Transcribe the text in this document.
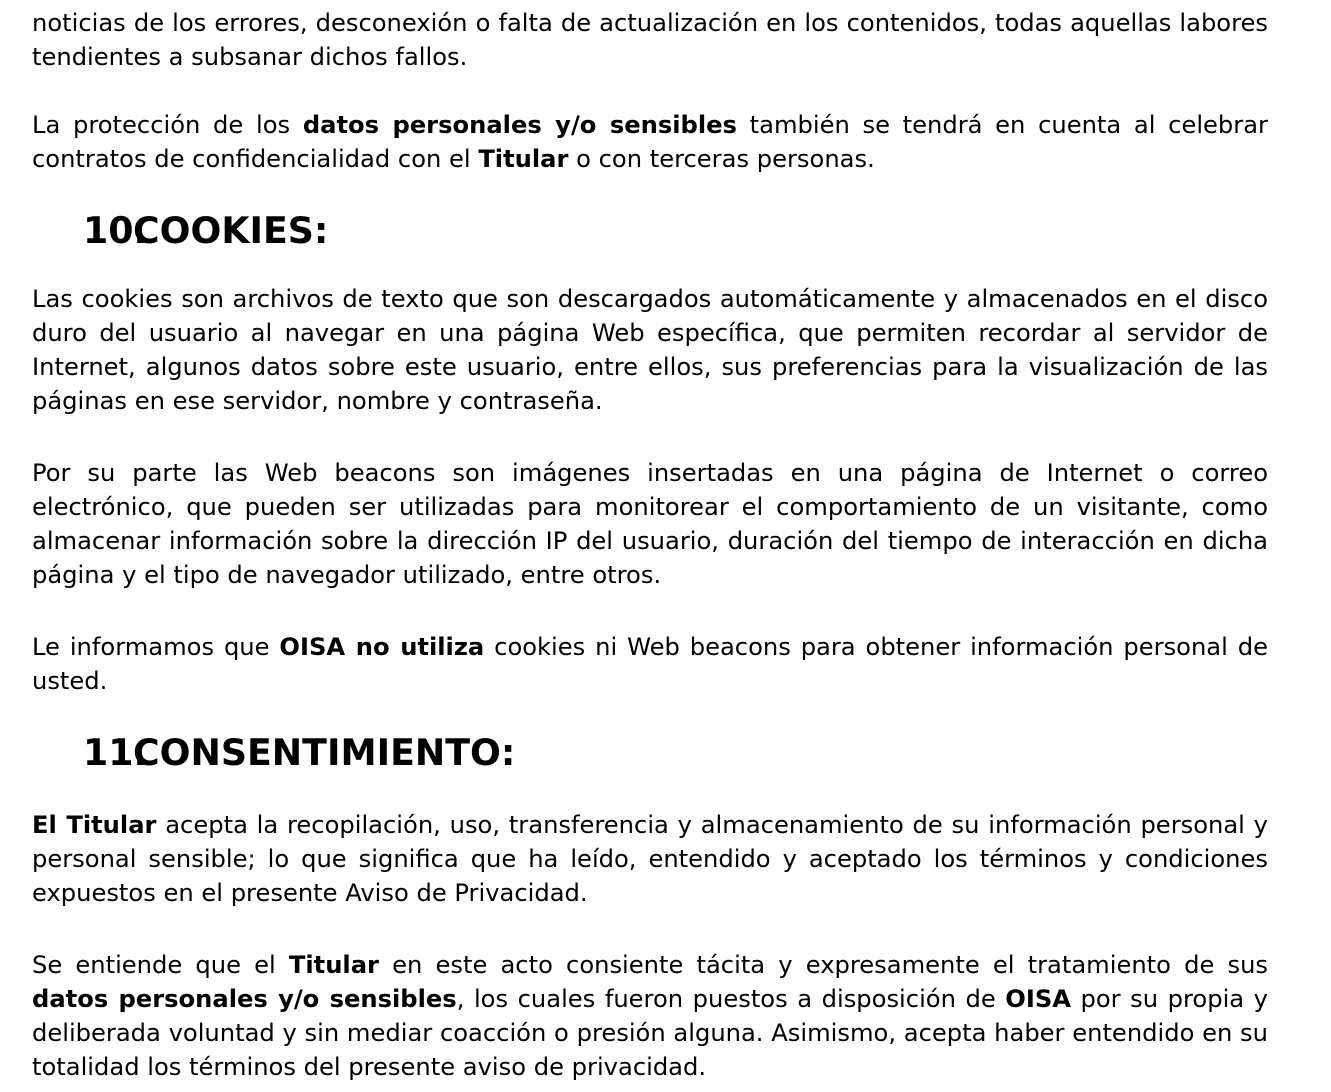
noticias de los errores, desconexión o falta de actualización en los contenidos, todas aquellas labores tendientes a subsanar dichos fallos.

La protección de los datos personales y/o sensibles también se tendrá en cuenta al celebrar contratos de confidencialidad con el Titular o con terceras personas.

10.COOKIES:

Las cookies son archivos de texto que son descargados automáticamente y almacenados en el disco duro del usuario al navegar en una página Web específica, que permiten recordar al servidor de Internet, algunos datos sobre este usuario, entre ellos, sus preferencias para la visualización de las páginas en ese servidor, nombre y contraseña.

Por su parte las Web beacons son imágenes insertadas en una página de Internet o correo electrónico, que pueden ser utilizadas para monitorear el comportamiento de un visitante, como almacenar información sobre la dirección IP del usuario, duración del tiempo de interacción en dicha página y el tipo de navegador utilizado, entre otros.

Le informamos que OISA no utiliza cookies ni Web beacons para obtener información personal de usted.

11.CONSENTIMIENTO:

El Titular acepta la recopilación, uso, transferencia y almacenamiento de su información personal y personal sensible; lo que significa que ha leído, entendido y aceptado los términos y condiciones expuestos en el presente Aviso de Privacidad.

Se entiende que el Titular en este acto consiente tácita y expresamente el tratamiento de sus datos personales y/o sensibles, los cuales fueron puestos a disposición de OISA por su propia y deliberada voluntad y sin mediar coacción o presión alguna. Asimismo, acepta haber entendido en su totalidad los términos del presente aviso de privacidad.
